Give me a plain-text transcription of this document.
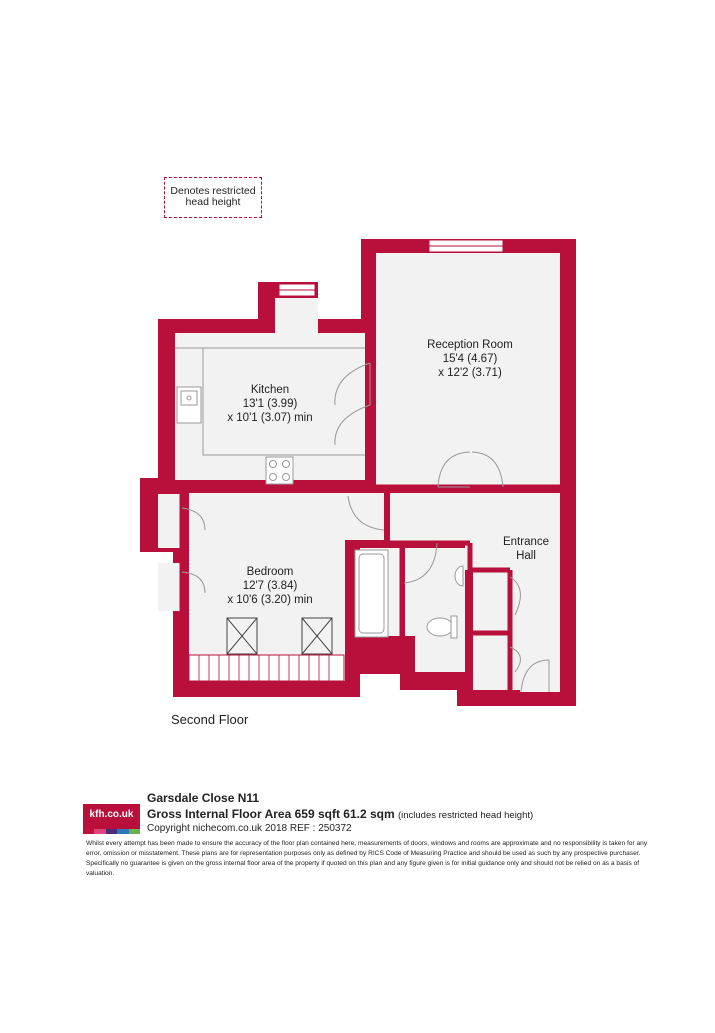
Denotes restricted
head height
Reception Room
15'4 (4.67)
x 12'2 (3.71)
Kitchen
13'1 (3.99)
x 10'1 (3.07) min
Bedroom
12'7 (3.84)
x 10'6 (3.20) min
Entrance
Hall
Second Floor
kfh.co.uk
Garsdale Close N11
Gross Internal Floor Area 659 sqft 61.2 sqm (includes restricted head height)
Copyright nichecom.co.uk 2018 REF : 250372
Whilst every attempt has been made to ensure the accuracy of the floor plan contained here, measurements of doors, windows and rooms are approximate and no responsibility is taken for any error, omission or misstatement. These plans are for representation purposes only as defined by RICS Code of Measuring Practice and should be used as such by any prospective purchaser. Specifically no guarantee is given on the gross internal floor area of the property if quoted on this plan and any figure given is for initial guidance only and should not be relied on as a basis of valuation.
